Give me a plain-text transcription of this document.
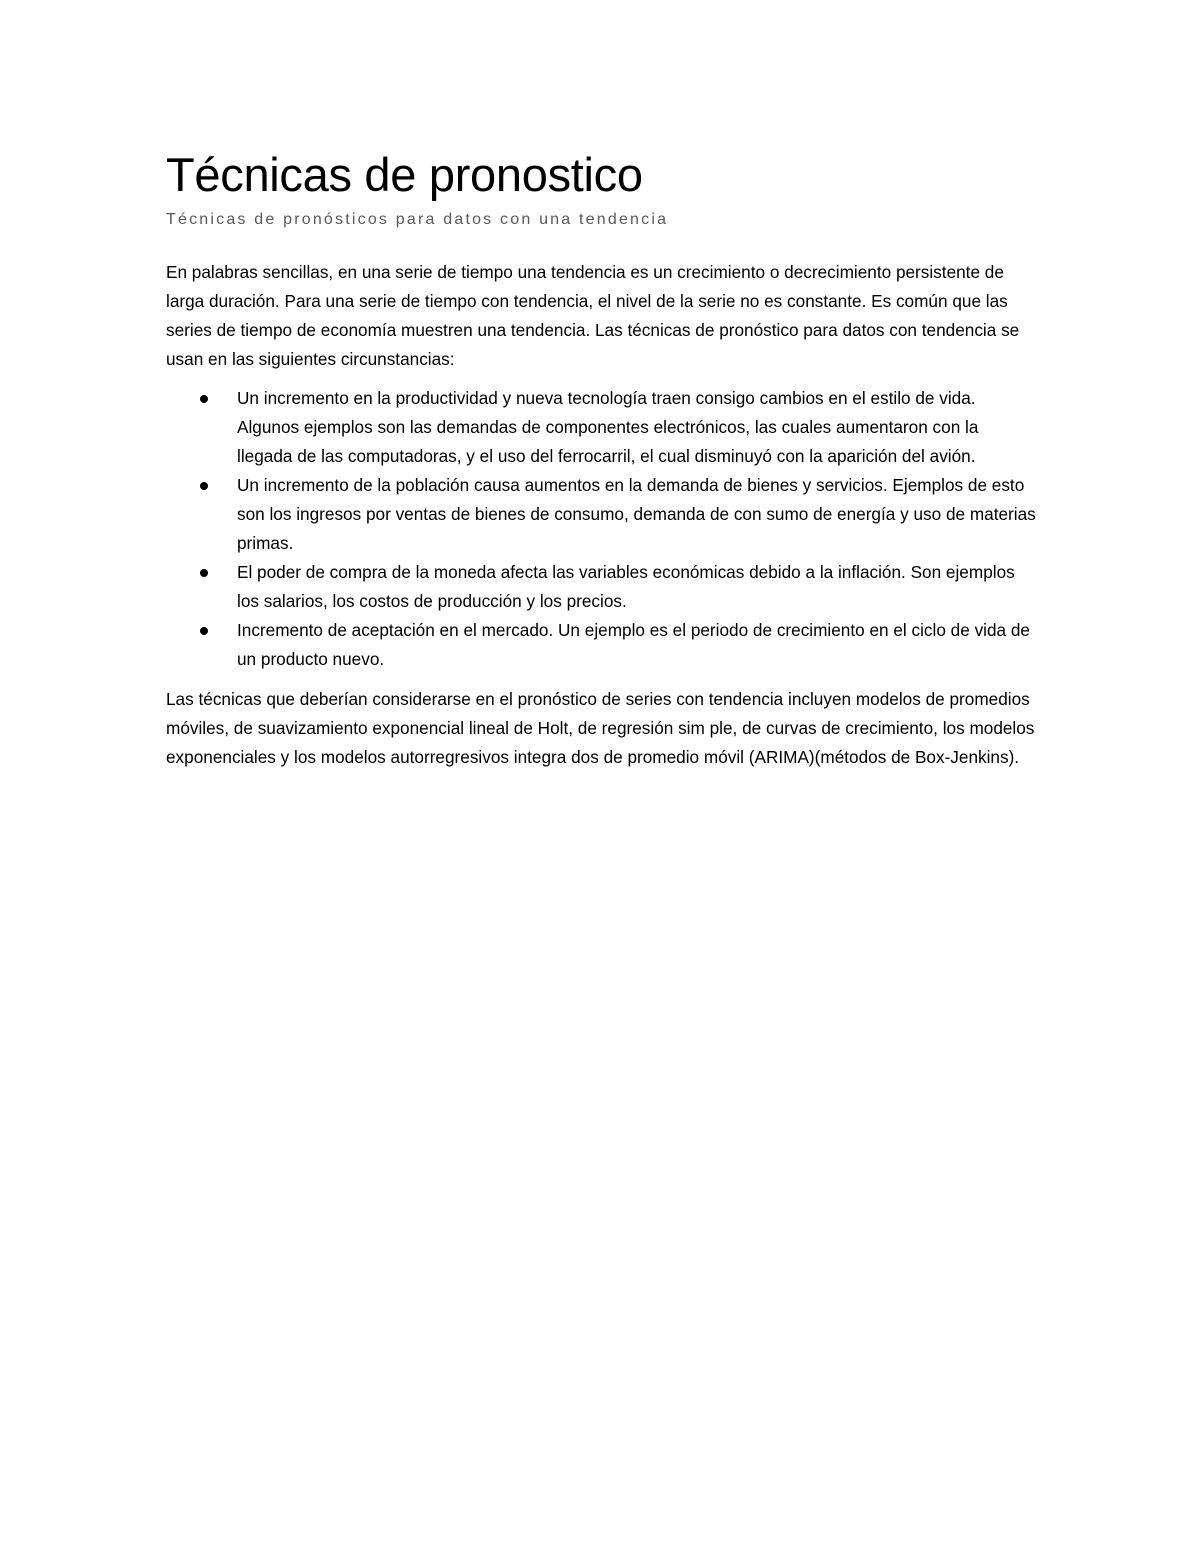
Técnicas de pronostico
Técnicas de pronósticos para datos con una tendencia

En palabras sencillas, en una serie de tiempo una tendencia es un crecimiento o decrecimiento persistente de larga duración. Para una serie de tiempo con tendencia, el nivel de la serie no es constante. Es común que las series de tiempo de economía muestren una tendencia. Las técnicas de pronóstico para datos con tendencia se usan en las siguientes circunstancias:

Un incremento en la productividad y nueva tecnología traen consigo cambios en el estilo de vida. Algunos ejemplos son las demandas de componentes electrónicos, las cuales aumentaron con la llegada de las computadoras, y el uso del ferrocarril, el cual disminuyó con la aparición del avión.
Un incremento de la población causa aumentos en la demanda de bienes y servicios. Ejemplos de esto son los ingresos por ventas de bienes de consumo, demanda de con sumo de energía y uso de materias primas.
El poder de compra de la moneda afecta las variables económicas debido a la inflación. Son ejemplos los salarios, los costos de producción y los precios.
Incremento de aceptación en el mercado. Un ejemplo es el periodo de crecimiento en el ciclo de vida de un producto nuevo.

Las técnicas que deberían considerarse en el pronóstico de series con tendencia incluyen modelos de promedios móviles, de suavizamiento exponencial lineal de Holt, de regresión sim ple, de curvas de crecimiento, los modelos exponenciales y los modelos autorregresivos integra dos de promedio móvil (ARIMA)(métodos de Box-Jenkins).
